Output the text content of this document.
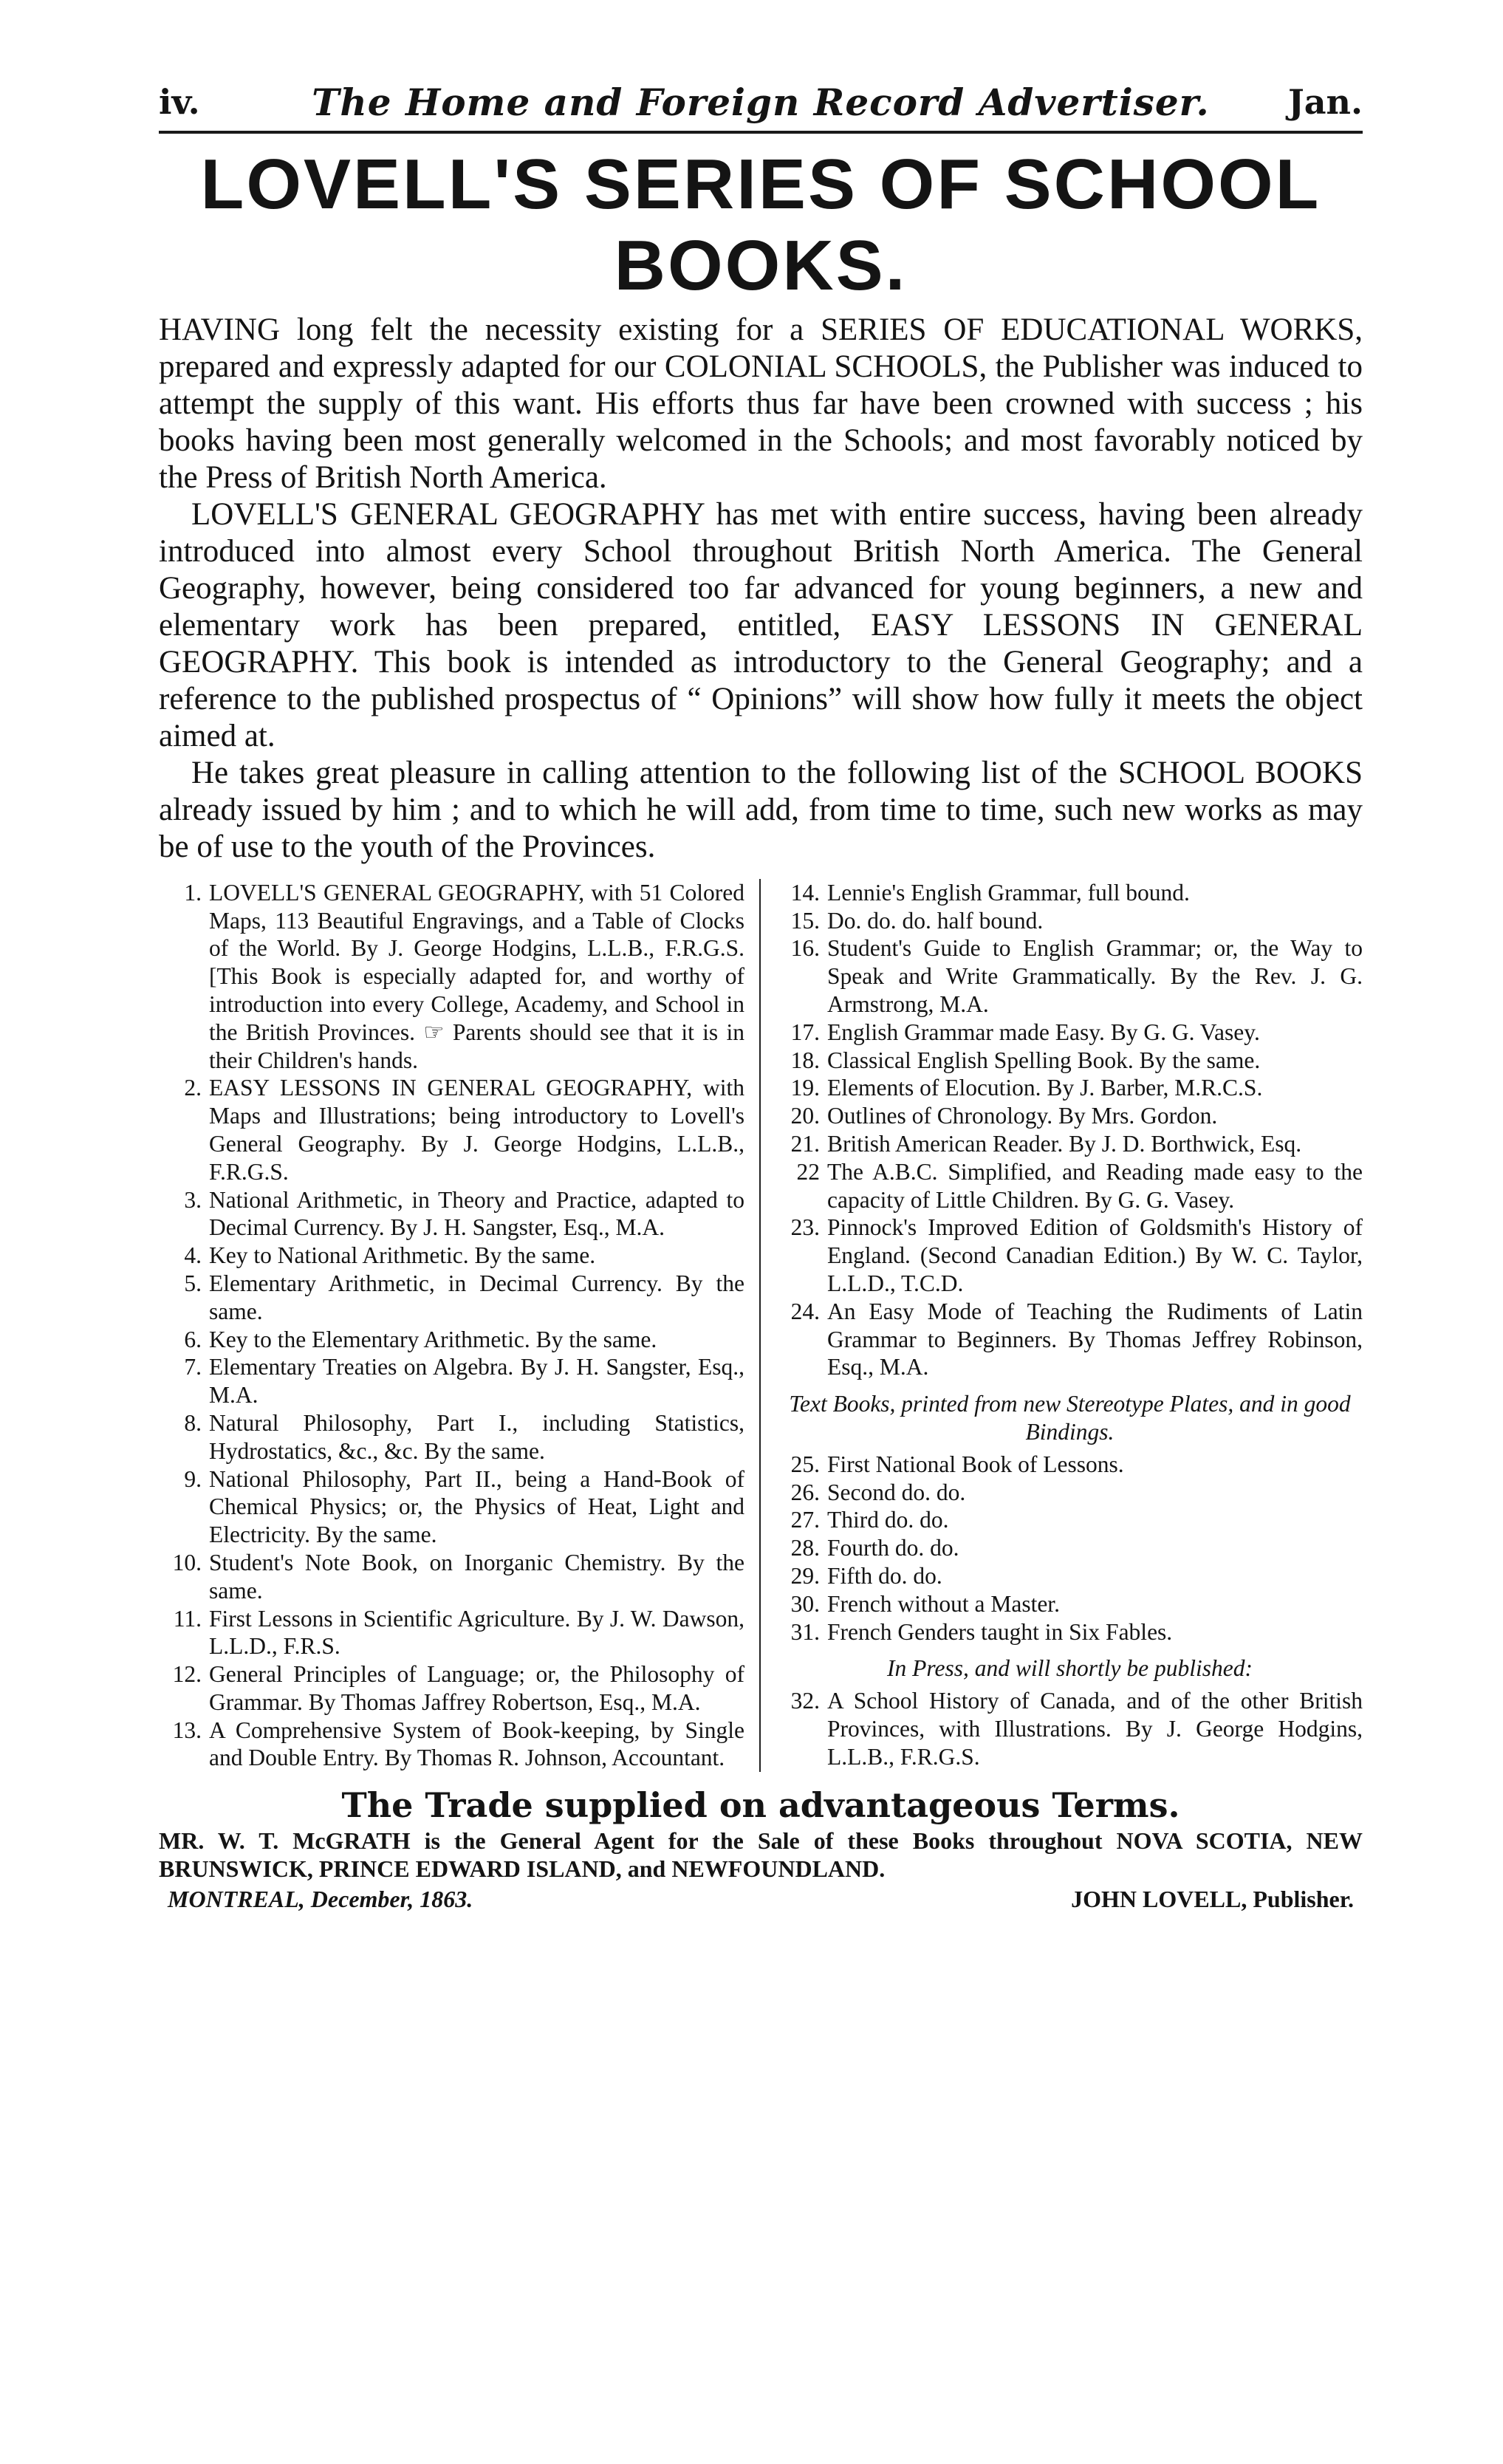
iv.	The Home and Foreign Record Advertiser.	Jan.
LOVELL'S SERIES OF SCHOOL BOOKS.

HAVING long felt the necessity existing for a SERIES OF EDUCATIONAL WORKS, prepared and expressly adapted for our COLONIAL SCHOOLS, the Publisher was induced to attempt the supply of this want. His efforts thus far have been crowned with success ; his books having been most generally welcomed in the Schools; and most favorably noticed by the Press of British North America.

LOVELL'S GENERAL GEOGRAPHY has met with entire success, having been already introduced into almost every School throughout British North America. The General Geography, however, being considered too far advanced for young beginners, a new and elementary work has been prepared, entitled, EASY LESSONS IN GENERAL GEOGRAPHY. This book is intended as introductory to the General Geography; and a reference to the published prospectus of “ Opinions” will show how fully it meets the object aimed at.

He takes great pleasure in calling attention to the following list of the SCHOOL BOOKS already issued by him ; and to which he will add, from time to time, such new works as may be of use to the youth of the Provinces.

1. LOVELL'S GENERAL GEOGRAPHY, with 51 Colored Maps, 113 Beautiful Engravings, and a Table of Clocks of the World. By J. George Hodgins, L.L.B., F.R.G.S. [This Book is especially adapted for, and worthy of introduction into every College, Academy, and School in the British Provinces. ☞ Parents should see that it is in their Children's hands.
2. EASY LESSONS IN GENERAL GEOGRAPHY, with Maps and Illustrations; being introductory to Lovell's General Geography. By J. George Hodgins, L.L.B., F.R.G.S.
3. National Arithmetic, in Theory and Practice, adapted to Decimal Currency. By J. H. Sangster, Esq., M.A.
4. Key to National Arithmetic. By the same.
5. Elementary Arithmetic, in Decimal Currency. By the same.
6. Key to the Elementary Arithmetic. By the same.
7. Elementary Treaties on Algebra. By J. H. Sangster, Esq., M.A.
8. Natural Philosophy, Part I., including Statistics, Hydrostatics, &c., &c. By the same.
9. National Philosophy, Part II., being a Hand-Book of Chemical Physics; or, the Physics of Heat, Light and Electricity. By the same.
10. Student's Note Book, on Inorganic Chemistry. By the same.
11. First Lessons in Scientific Agriculture. By J. W. Dawson, L.L.D., F.R.S.
12. General Principles of Language; or, the Philosophy of Grammar. By Thomas Jaffrey Robertson, Esq., M.A.
13. A Comprehensive System of Book-keeping, by Single and Double Entry. By Thomas R. Johnson, Accountant.
14. Lennie's English Grammar, full bound.
15. Do. do. do. half bound.
16. Student's Guide to English Grammar; or, the Way to Speak and Write Grammatically. By the Rev. J. G. Armstrong, M.A.
17. English Grammar made Easy. By G. G. Vasey.
18. Classical English Spelling Book. By the same.
19. Elements of Elocution. By J. Barber, M.R.C.S.
20. Outlines of Chronology. By Mrs. Gordon.
21. British American Reader. By J. D. Borthwick, Esq.
22 The A.B.C. Simplified, and Reading made easy to the capacity of Little Children. By G. G. Vasey.
23. Pinnock's Improved Edition of Goldsmith's History of England. (Second Canadian Edition.) By W. C. Taylor, L.L.D., T.C.D.
24. An Easy Mode of Teaching the Rudiments of Latin Grammar to Beginners. By Thomas Jeffrey Robinson, Esq., M.A.
Text Books, printed from new Stereotype Plates, and in good Bindings.
25. First National Book of Lessons.
26. Second do. do.
27. Third do. do.
28. Fourth do. do.
29. Fifth do. do.
30. French without a Master.
31. French Genders taught in Six Fables.
In Press, and will shortly be published:
32. A School History of Canada, and of the other British Provinces, with Illustrations. By J. George Hodgins, L.L.B., F.R.G.S.
The Trade supplied on advantageous Terms.
MR. W. T. McGRATH is the General Agent for the Sale of these Books throughout NOVA SCOTIA, NEW BRUNSWICK, PRINCE EDWARD ISLAND, and NEWFOUNDLAND.
MONTREAL, December, 1863.	JOHN LOVELL, Publisher.
